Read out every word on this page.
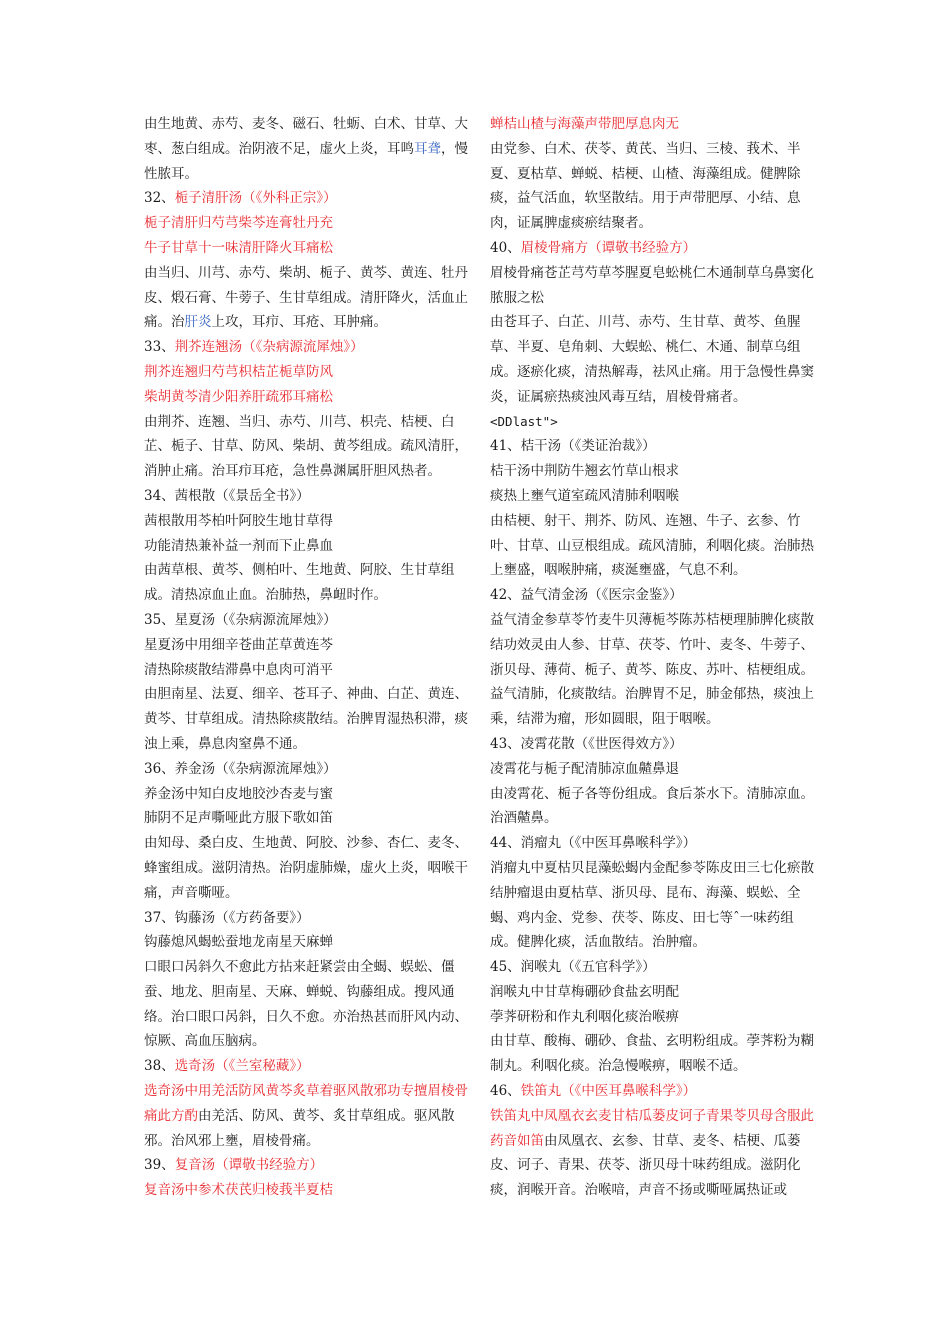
由生地黄、赤芍、麦冬、磁石、牡蛎、白术、甘草、大枣、葱白组成。治阴液不足，虚火上炎，耳鸣耳聋，慢性脓耳。

32、栀子清肝汤（《外科正宗》）

栀子清肝归芍芎柴芩连膏牡丹充

牛子甘草十一味清肝降火耳痛松

由当归、川芎、赤芍、柴胡、栀子、黄芩、黄连、牡丹皮、煅石膏、牛蒡子、生甘草组成。清肝降火，活血止痛。治肝炎上攻，耳疖、耳疮、耳肿痛。

33、荆芥连翘汤（《杂病源流犀烛》）

荆芥连翘归芍芎枳桔芷栀草防风

柴胡黄芩清少阳养肝疏邪耳痛松

由荆芥、连翘、当归、赤芍、川芎、枳壳、桔梗、白芷、栀子、甘草、防风、柴胡、黄芩组成。疏风清肝，消肿止痛。治耳疖耳疮，急性鼻渊属肝胆风热者。

34、茜根散（《景岳全书》）

茜根散用芩柏叶阿胶生地甘草得

功能清热兼补益一剂而下止鼻血

由茜草根、黄芩、侧柏叶、生地黄、阿胶、生甘草组成。清热凉血止血。治肺热，鼻衄时作。

35、星夏汤（《杂病源流犀烛》）

星夏汤中用细辛苍曲芷草黄连芩

清热除痰散结滞鼻中息肉可消平

由胆南星、法夏、细辛、苍耳子、神曲、白芷、黄连、黄芩、甘草组成。清热除痰散结。治脾胃湿热积滞，痰浊上乘，鼻息肉窒鼻不通。

36、养金汤（《杂病源流犀烛》）

养金汤中知白皮地胶沙杏麦与蜜

肺阴不足声嘶哑此方服下歌如笛

由知母、桑白皮、生地黄、阿胶、沙参、杏仁、麦冬、蜂蜜组成。滋阴清热。治阴虚肺燥，虚火上炎，咽喉干痛，声音嘶哑。

37、钩藤汤（《方药备要》）

钩藤熄风蝎蚣蚕地龙南星天麻蝉

口眼口呙斜久不愈此方拈来赶紧尝由全蝎、蜈蚣、僵蚕、地龙、胆南星、天麻、蝉蜕、钩藤组成。搜风通络。治口眼口呙斜，日久不愈。亦治热甚而肝风内动、惊厥、高血压脑病。

38、选奇汤（《兰室秘藏》）

选奇汤中用羌活防风黄芩炙草着驱风散邪功专擅眉棱骨痛此方酌由羌活、防风、黄芩、炙甘草组成。驱风散邪。治风邪上壅，眉棱骨痛。

39、复音汤（谭敬书经验方）

复音汤中参术茯芪归棱莪半夏桔

蝉桔山楂与海藻声带肥厚息肉无

由党参、白术、茯苓、黄芪、当归、三棱、莪术、半夏、夏枯草、蝉蜕、桔梗、山楂、海藻组成。健脾除痰，益气活血，软坚散结。用于声带肥厚、小结、息肉，证属脾虚痰瘀结聚者。

40、眉棱骨痛方（谭敬书经验方）

眉棱骨痛苍芷芎芍草芩腥夏皂蚣桃仁木通制草乌鼻窦化脓服之松

由苍耳子、白芷、川芎、赤芍、生甘草、黄芩、鱼腥草、半夏、皂角刺、大蜈蚣、桃仁、木通、制草乌组成。逐瘀化痰，清热解毒，祛风止痛。用于急慢性鼻窦炎，证属瘀热痰浊风毒互结，眉棱骨痛者。

<DDlast">

41、桔干汤（《类证治裁》）

桔干汤中荆防牛翘玄竹草山根求

痰热上壅气道室疏风清肺利咽喉

由桔梗、射干、荆芥、防风、连翘、牛子、玄参、竹叶、甘草、山豆根组成。疏风清肺，利咽化痰。治肺热上壅盛，咽喉肿痛，痰涎壅盛，气息不利。

42、益气清金汤（《医宗金鉴》）

益气清金参草苓竹麦牛贝薄栀芩陈苏桔梗理肺脾化痰散结功效灵由人参、甘草、茯苓、竹叶、麦冬、牛蒡子、浙贝母、薄荷、栀子、黄芩、陈皮、苏叶、桔梗组成。益气清肺，化痰散结。治脾胃不足，肺金郁热，痰浊上乘，结滞为瘤，形如圆眼，阻于咽喉。

43、凌霄花散（《世医得效方》）

凌霄花与栀子配清肺凉血齄鼻退

由凌霄花、栀子各等份组成。食后茶水下。清肺凉血。治酒齄鼻。

44、消瘤丸（《中医耳鼻喉科学》）

消瘤丸中夏枯贝昆藻蚣蝎内金配参苓陈皮田三七化瘀散结肿瘤退由夏枯草、浙贝母、昆布、海藻、蜈蚣、全蝎、鸡内金、党参、茯苓、陈皮、田七等ˆ一味药组成。健脾化痰，活血散结。治肿瘤。

45、润喉丸（《五官科学》）

润喉丸中甘草梅硼砂食盐玄明配

荸荠研粉和作丸利咽化痰治喉痹

由甘草、酸梅、硼砂、食盐、玄明粉组成。荸荠粉为糊制丸。利咽化痰。治急慢喉痹，咽喉不适。

46、铁笛丸（《中医耳鼻喉科学》）

铁笛丸中凤凰衣玄麦甘桔瓜蒌皮诃子青果苓贝母含服此药音如笛由凤凰衣、玄参、甘草、麦冬、桔梗、瓜蒌皮、诃子、青果、茯苓、浙贝母十味药组成。滋阴化痰，润喉开音。治喉喑，声音不扬或嘶哑属热证或
